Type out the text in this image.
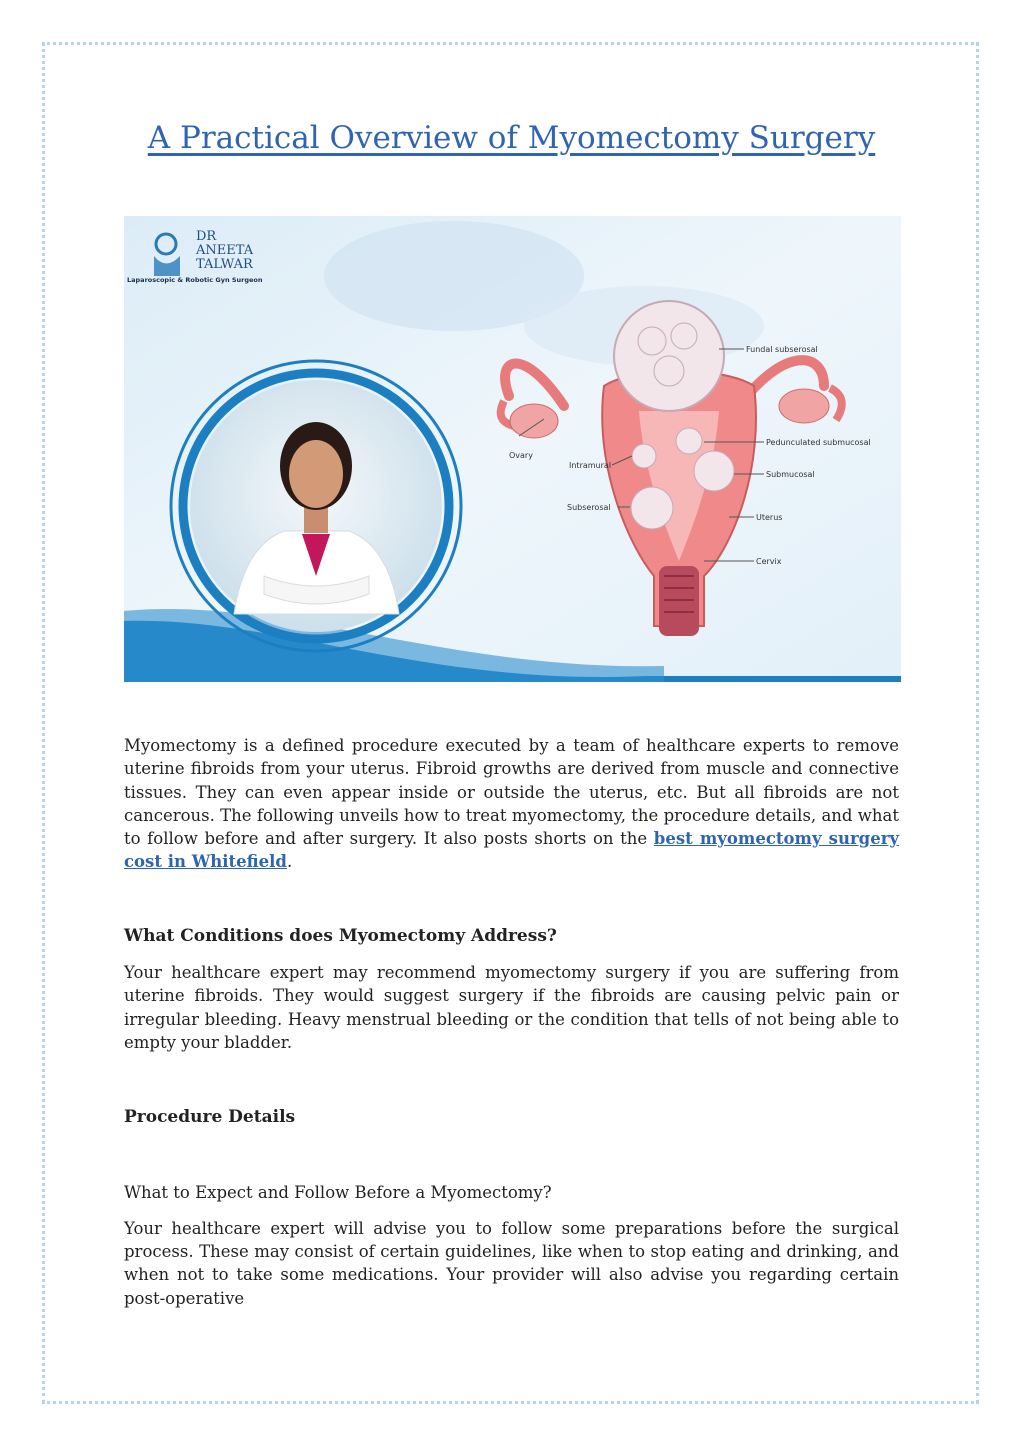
A Practical Overview of Myomectomy Surgery
DR
ANEETA
TALWAR
Laparoscopic & Robotic Gyn Surgeon
Fundal subserosal
Ovary
Pedunculated submucosal
Intramural
Submucosal
Subserosal
Uterus
Cervix

Myomectomy is a defined procedure executed by a team of healthcare experts to remove uterine fibroids from your uterus. Fibroid growths are derived from muscle and connective tissues. They can even appear inside or outside the uterus, etc. But all fibroids are not cancerous. The following unveils how to treat myomectomy, the procedure details, and what to follow before and after surgery. It also posts shorts on the best myomectomy surgery cost in Whitefield.

What Conditions does Myomectomy Address?

Your healthcare expert may recommend myomectomy surgery if you are suffering from uterine fibroids. They would suggest surgery if the fibroids are causing pelvic pain or irregular bleeding. Heavy menstrual bleeding or the condition that tells of not being able to empty your bladder.

Procedure Details

What to Expect and Follow Before a Myomectomy?

Your healthcare expert will advise you to follow some preparations before the surgical process. These may consist of certain guidelines, like when to stop eating and drinking, and when not to take some medications. Your provider will also advise you regarding certain post-operative
